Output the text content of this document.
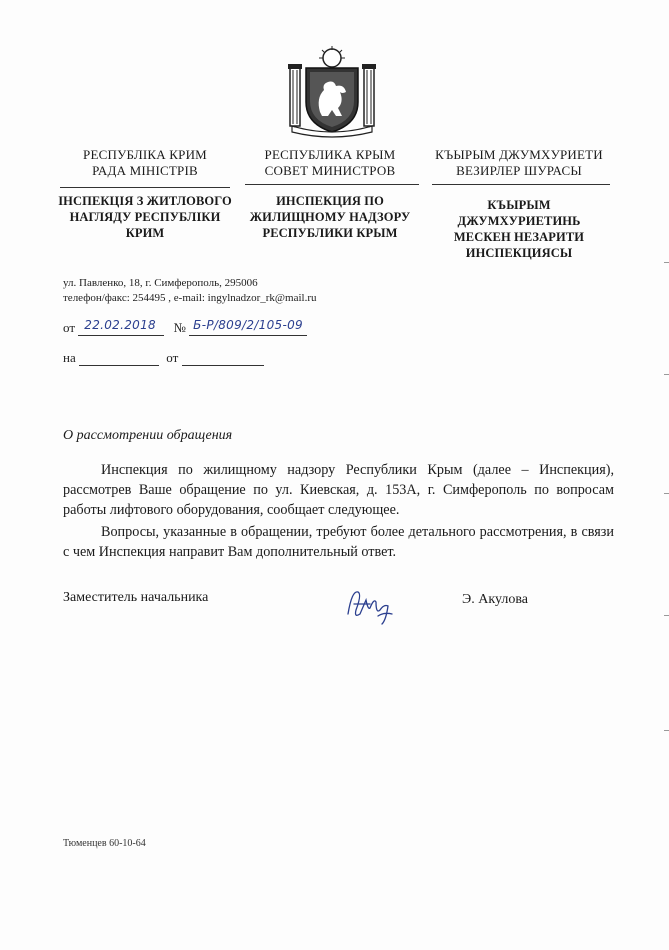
РЕСПУБЛІКА КРИМ
РАДА МІНІСТРІВ
ІНСПЕКЦІЯ З ЖИТЛОВОГО
НАГЛЯДУ РЕСПУБЛІКИ
КРИМ
РЕСПУБЛИКА КРЫМ
СОВЕТ МИНИСТРОВ
ИНСПЕКЦИЯ ПО
ЖИЛИЩНОМУ НАДЗОРУ
РЕСПУБЛИКИ КРЫМ
КЪЫРЫМ ДЖУМХУРИЕТИ
ВЕЗИРЛЕР ШУРАСЫ
КЪЫРЫМ
ДЖУМХУРИЕТИНЬ
МЕСКЕН НЕЗАРИТИ
ИНСПЕКЦИЯСЫ
ул. Павленко, 18, г. Симферополь, 295006
телефон/факс: 254495 , e-mail: ingylnadzor_rk@mail.ru
от 22.02.2018 № Б-Р/809/2/105-09
на	от
О рассмотрении обращения
Инспекция по жилищному надзору Республики Крым (далее – Инспекция), рассмотрев Ваше обращение по ул. Киевская, д. 153А, г. Симферополь по вопросам работы лифтового оборудования, сообщает следующее.
Вопросы, указанные в обращении, требуют более детального рассмотрения, в связи с чем Инспекция направит Вам дополнительный ответ.
Заместитель начальника	Э. Акулова
Тюменцев 60-10-64
